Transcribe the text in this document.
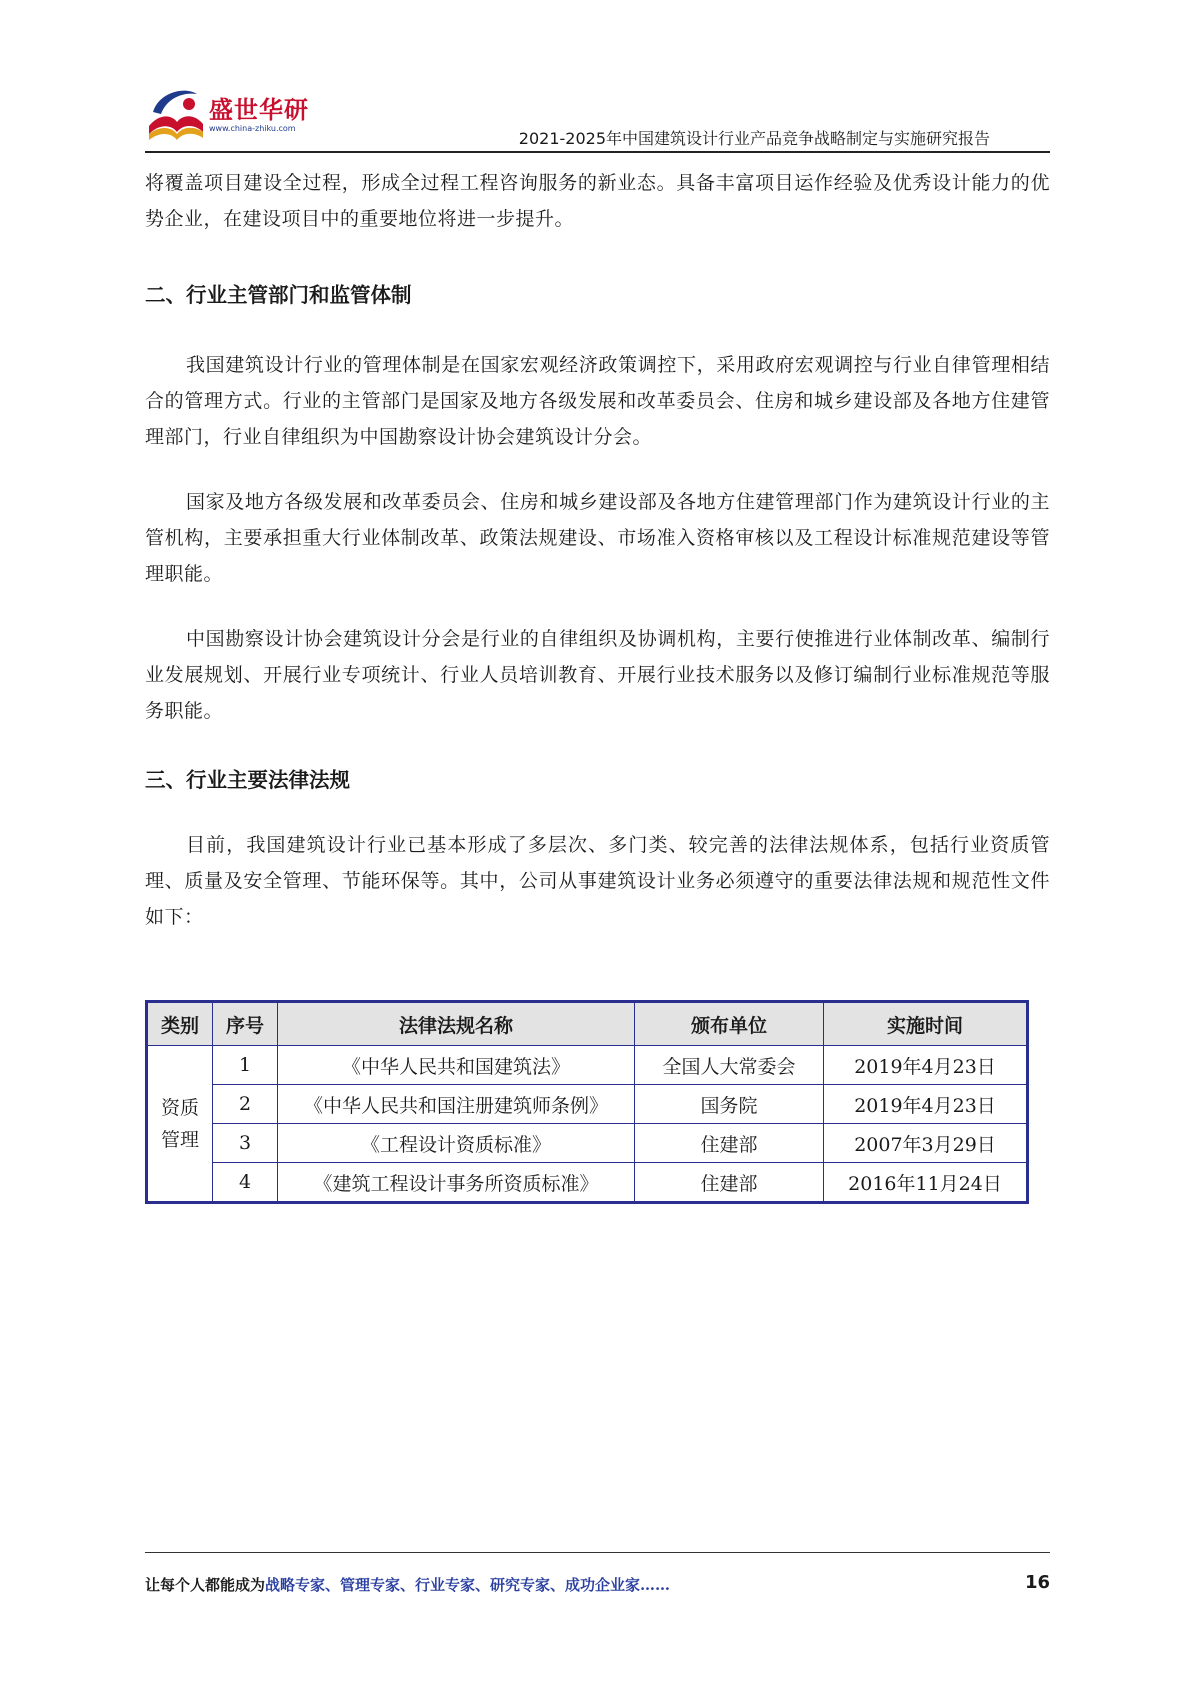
盛世华研
www.china-zhiku.com
2021-2025年中国建筑设计行业产品竞争战略制定与实施研究报告

将覆盖项目建设全过程，形成全过程工程咨询服务的新业态。具备丰富项目运作经验及优秀设计能力的优势企业，在建设项目中的重要地位将进一步提升。

二、行业主管部门和监管体制

我国建筑设计行业的管理体制是在国家宏观经济政策调控下，采用政府宏观调控与行业自律管理相结合的管理方式。行业的主管部门是国家及地方各级发展和改革委员会、住房和城乡建设部及各地方住建管理部门，行业自律组织为中国勘察设计协会建筑设计分会。

国家及地方各级发展和改革委员会、住房和城乡建设部及各地方住建管理部门作为建筑设计行业的主管机构，主要承担重大行业体制改革、政策法规建设、市场准入资格审核以及工程设计标准规范建设等管理职能。

中国勘察设计协会建筑设计分会是行业的自律组织及协调机构，主要行使推进行业体制改革、编制行业发展规划、开展行业专项统计、行业人员培训教育、开展行业技术服务以及修订编制行业标准规范等服务职能。

三、行业主要法律法规

目前，我国建筑设计行业已基本形成了多层次、多门类、较完善的法律法规体系，包括行业资质管理、质量及安全管理、节能环保等。其中，公司从事建筑设计业务必须遵守的重要法律法规和规范性文件如下：

类别	序号	法律法规名称	颁布单位	实施时间
资质
管理	1	《中华人民共和国建筑法》	全国人大常委会	2019年4月23日
	2	《中华人民共和国注册建筑师条例》	国务院	2019年4月23日
	3	《工程设计资质标准》	住建部	2007年3月29日
	4	《建筑工程设计事务所资质标准》	住建部	2016年11月24日
让每个人都能成为战略专家、管理专家、行业专家、研究专家、成功企业家……	16
